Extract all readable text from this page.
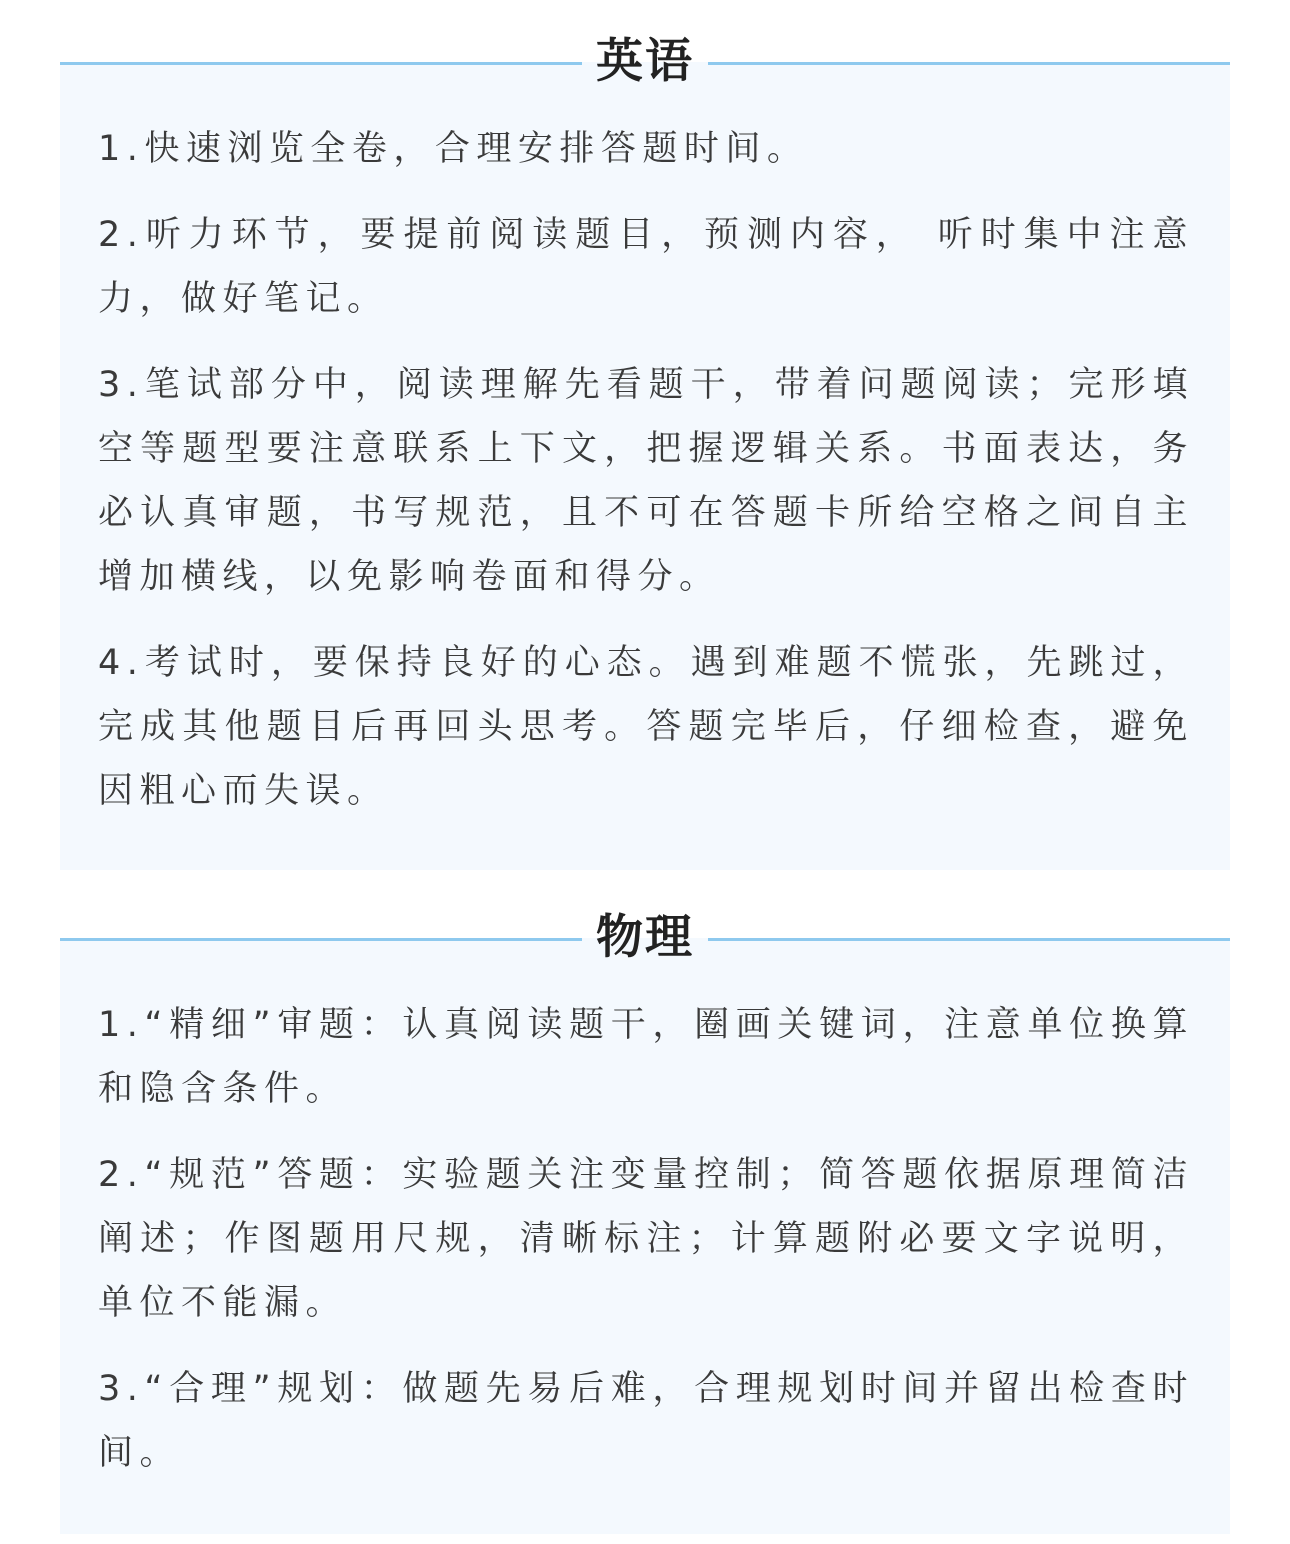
英语

1.快速浏览全卷，合理安排答题时间。

2.听力环节，要提前阅读题目，预测内容， 听时集中注意力，做好笔记。

3.笔试部分中，阅读理解先看题干，带着问题阅读；完形填空等题型要注意联系上下文，把握逻辑关系。书面表达，务必认真审题，书写规范，且不可在答题卡所给空格之间自主增加横线，以免影响卷面和得分。

4.考试时，要保持良好的心态。遇到难题不慌张，先跳过，完成其他题目后再回头思考。答题完毕后，仔细检查，避免因粗心而失误。

物理

1.“精细”审题：认真阅读题干，圈画关键词，注意单位换算和隐含条件。

2.“规范”答题：实验题关注变量控制；简答题依据原理简洁阐述；作图题用尺规，清晰标注；计算题附必要文字说明，单位不能漏。

3.“合理”规划：做题先易后难，合理规划时间并留出检查时间。
